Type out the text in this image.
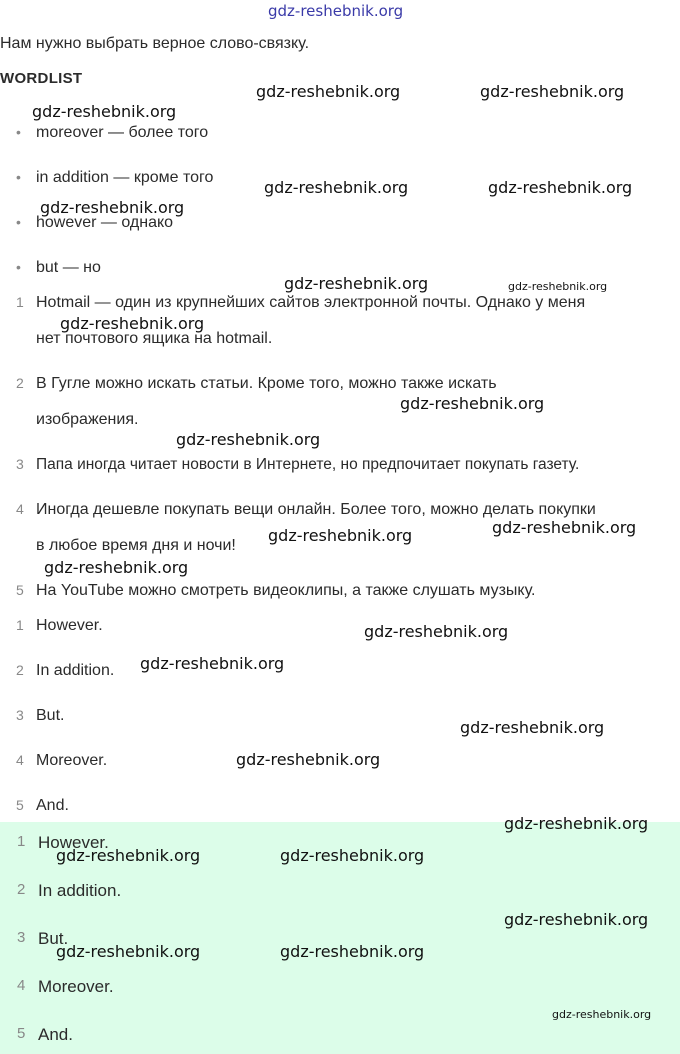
gdz-reshebnik.org
Нам нужно выбрать верное слово-связку.
WORDLIST
• moreover — более того
• in addition — кроме того
• however — однако
• but — но
1 Hotmail — один из крупнейших сайтов электронной почты. Однако у меня
нет почтового ящика на hotmail.
2 В Гугле можно искать статьи. Кроме того, можно также искать
изображения.
3 Папа иногда читает новости в Интернете, но предпочитает покупать газету.
4 Иногда дешевле покупать вещи онлайн. Более того, можно делать покупки
в любое время дня и ночи!
5 На YouTube можно смотреть видеоклипы, а также слушать музыку.
1 However.
2 In addition.
3 But.
4 Moreover.
5 And.
1 However.
2 In addition.
3 But.
4 Moreover.
5 And.
gdz-reshebnik.org	gdz-reshebnik.org
gdz-reshebnik.org
gdz-reshebnik.org	gdz-reshebnik.org
gdz-reshebnik.org
gdz-reshebnik.org	gdz-reshebnik.org
gdz-reshebnik.org
gdz-reshebnik.org
gdz-reshebnik.org
gdz-reshebnik.org
gdz-reshebnik.org
gdz-reshebnik.org
gdz-reshebnik.org
gdz-reshebnik.org
gdz-reshebnik.org
gdz-reshebnik.org
gdz-reshebnik.org
gdz-reshebnik.org	gdz-reshebnik.org
gdz-reshebnik.org
gdz-reshebnik.org	gdz-reshebnik.org
gdz-reshebnik.org
